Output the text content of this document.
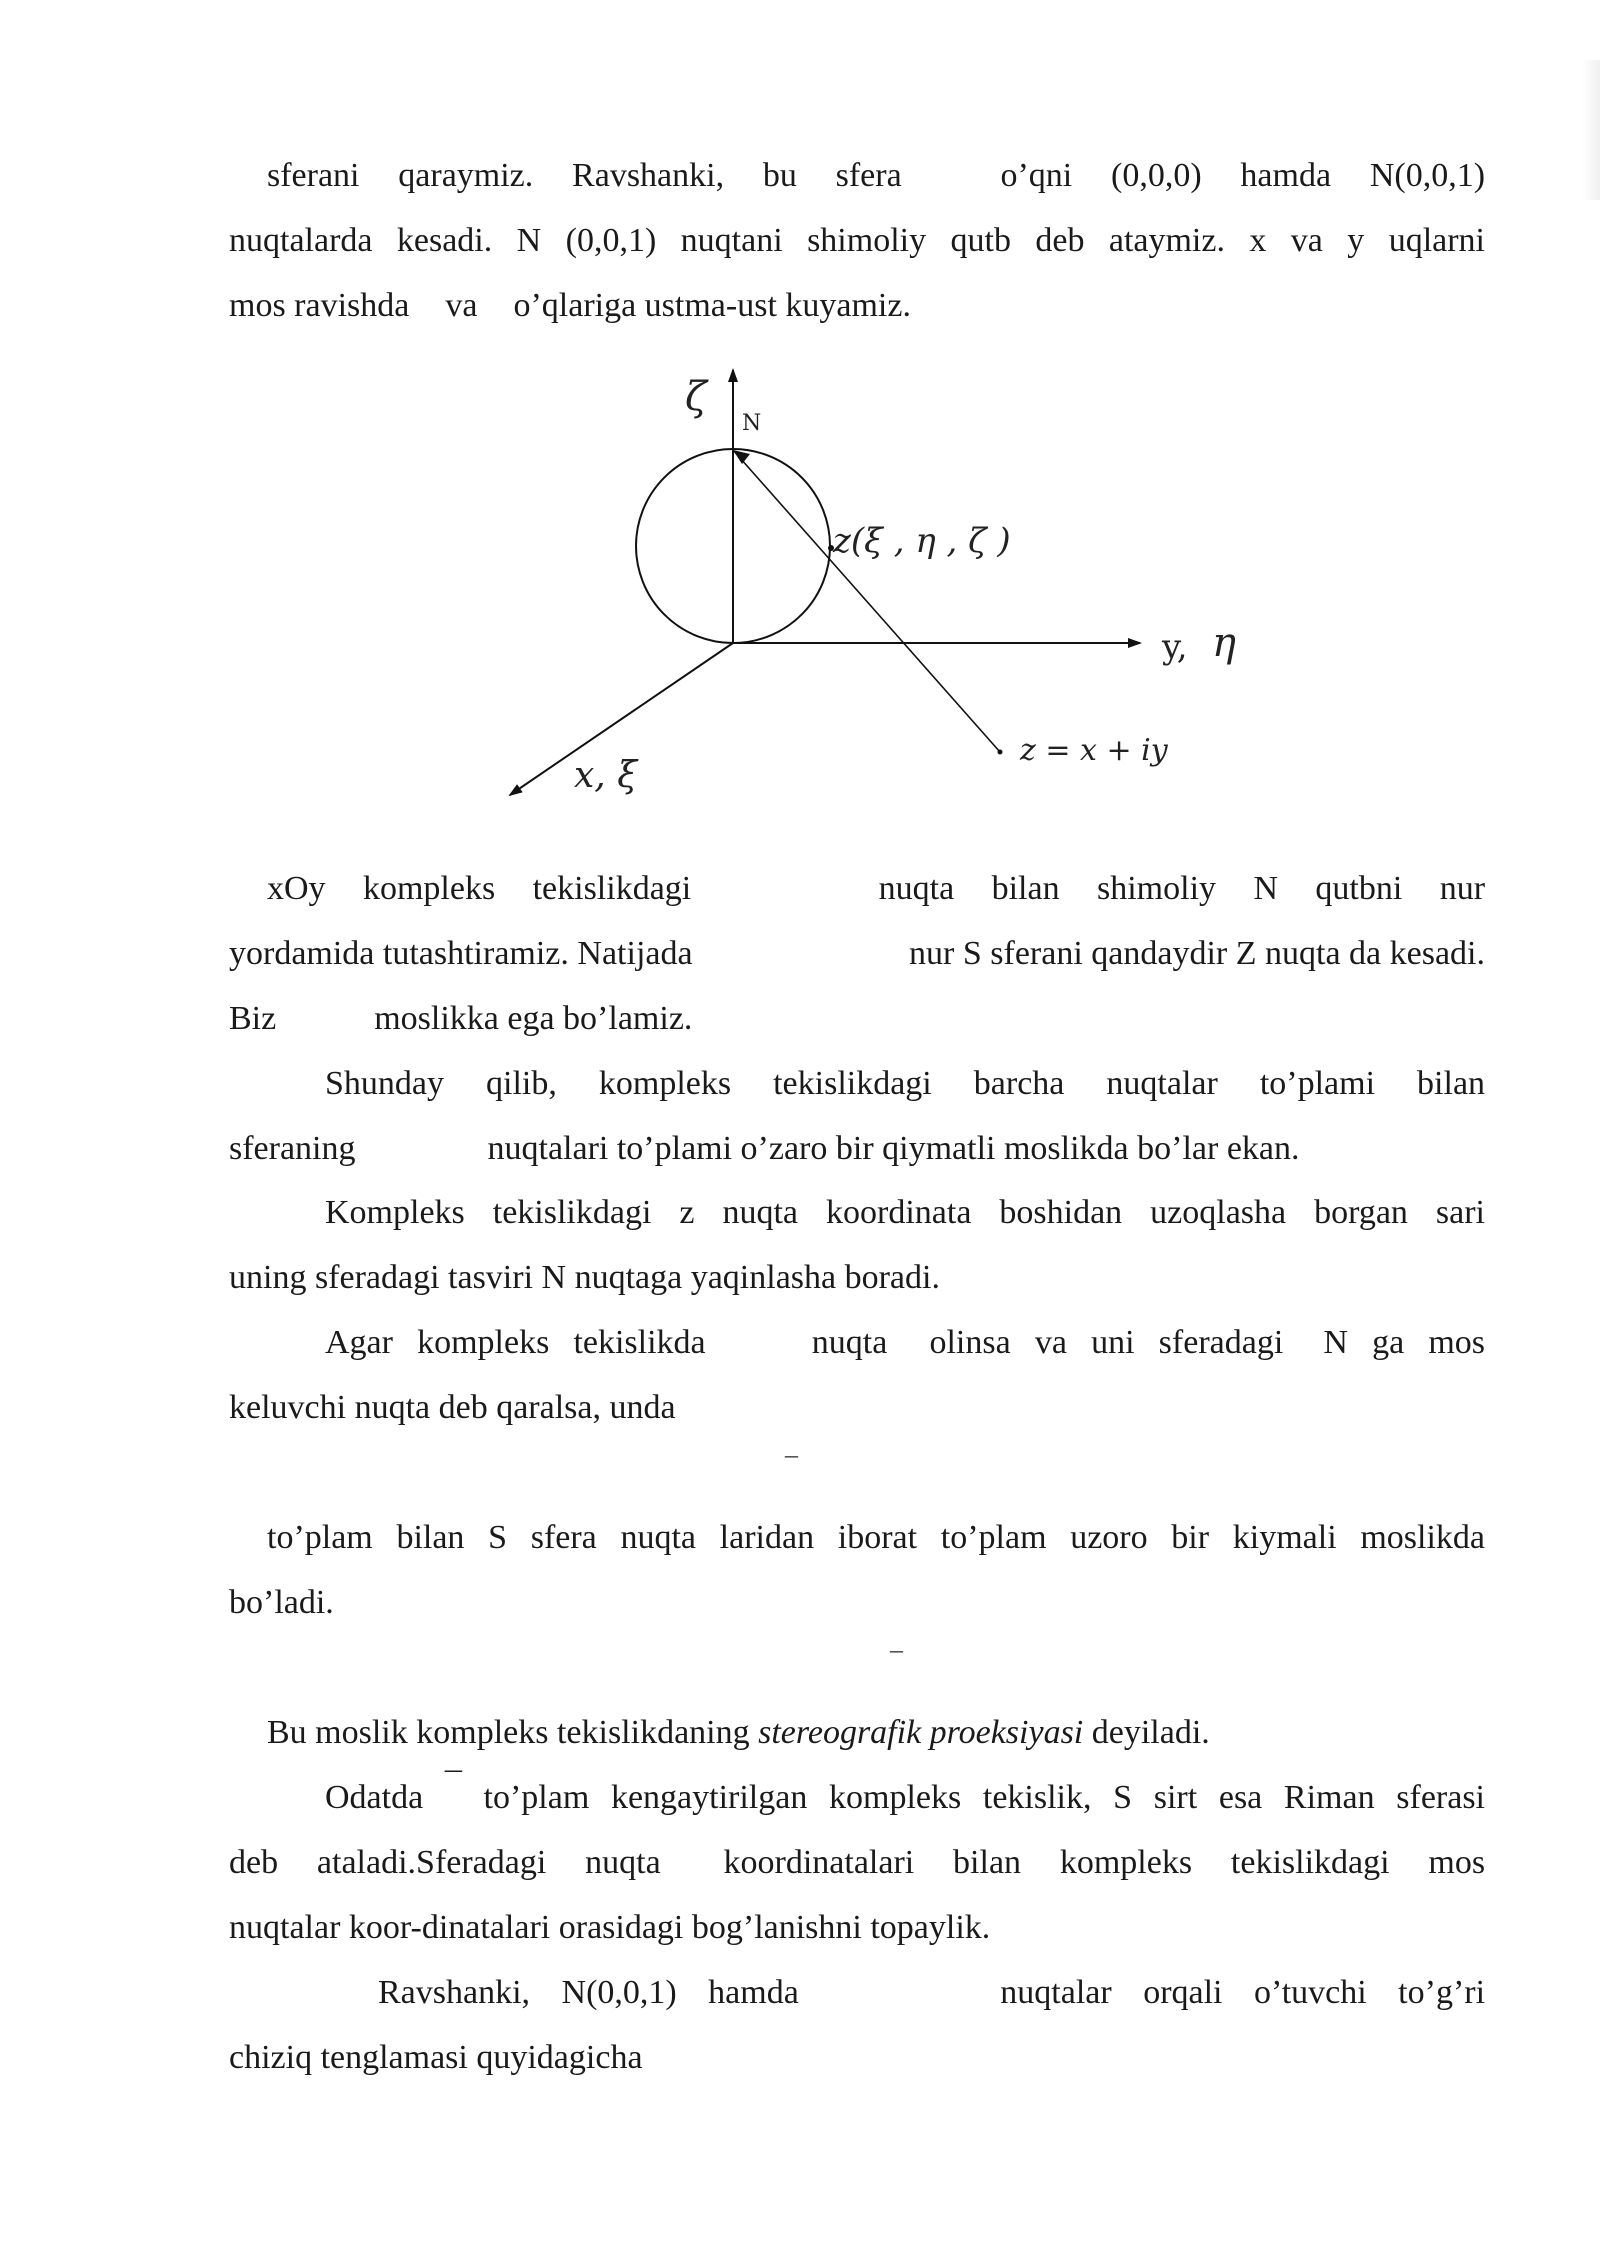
sferani qaraymiz. Ravshanki, bu sfera	o’qni (0,0,0) hamda N(0,0,1)
nuqtalarda kesadi. N (0,0,1) nuqtani shimoliy qutb deb ataymiz. x va y uqlarni
mos ravishda va o’qlariga ustma-ust kuyamiz.
ζ
N
z(ξ , η , ζ )
y, η
x, ξ
z = x + iy
xOy kompleks tekislikdagi	nuqta bilan shimoliy N qutbni nur
yordamida tutashtiramiz. Natijada	nur S sferani qandaydir Z nuqta da kesadi.
Biz	moslikka ega bo’lamiz.
Shunday qilib, kompleks tekislikdagi barcha nuqtalar to’plami bilan
sferaning	nuqtalari to’plami o’zaro bir qiymatli moslikda bo’lar ekan.
Kompleks tekislikdagi z nuqta koordinata boshidan uzoqlasha borgan sari
uning sferadagi tasviri N nuqtaga yaqinlasha boradi.
Agar kompleks tekislikda	nuqta olinsa va uni sferadagi N ga mos
keluvchi nuqta deb qaralsa, unda
–
to’plam bilan S sfera nuqta laridan iborat to’plam uzoro bir kiymali moslikda
bo’ladi.
–
Bu moslik kompleks tekislikdaning stereografik proeksiyasi deyiladi.
Odatda ¯ to’plam kengaytirilgan kompleks tekislik, S sirt esa Riman sferasi
deb ataladi.Sferadagi nuqta koordinatalari bilan kompleks tekislikdagi mos
nuqtalar koor-dinatalari orasidagi bog’lanishni topaylik.
Ravshanki, N(0,0,1) hamda	nuqtalar orqali o’tuvchi to’g’ri
chiziq tenglamasi quyidagicha
